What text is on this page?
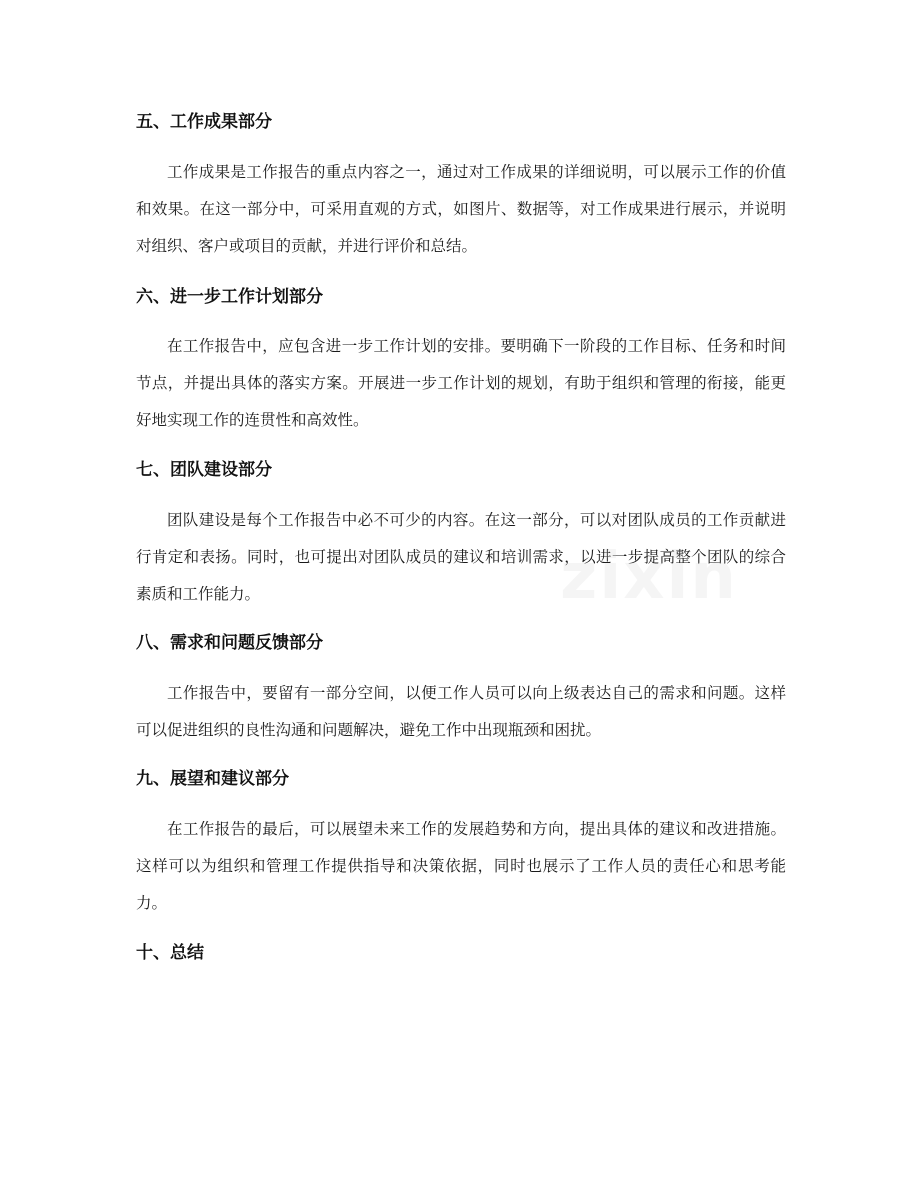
五、工作成果部分

工作成果是工作报告的重点内容之一，通过对工作成果的详细说明，可以展示工作的价值和效果。在这一部分中，可采用直观的方式，如图片、数据等，对工作成果进行展示，并说明对组织、客户或项目的贡献，并进行评价和总结。

六、进一步工作计划部分

在工作报告中，应包含进一步工作计划的安排。要明确下一阶段的工作目标、任务和时间节点，并提出具体的落实方案。开展进一步工作计划的规划，有助于组织和管理的衔接，能更好地实现工作的连贯性和高效性。

七、团队建设部分

团队建设是每个工作报告中必不可少的内容。在这一部分，可以对团队成员的工作贡献进行肯定和表扬。同时，也可提出对团队成员的建议和培训需求，以进一步提高整个团队的综合素质和工作能力。

八、需求和问题反馈部分

工作报告中，要留有一部分空间，以便工作人员可以向上级表达自己的需求和问题。这样可以促进组织的良性沟通和问题解决，避免工作中出现瓶颈和困扰。

九、展望和建议部分

在工作报告的最后，可以展望未来工作的发展趋势和方向，提出具体的建议和改进措施。这样可以为组织和管理工作提供指导和决策依据，同时也展示了工作人员的责任心和思考能力。

十、总结
zixin
